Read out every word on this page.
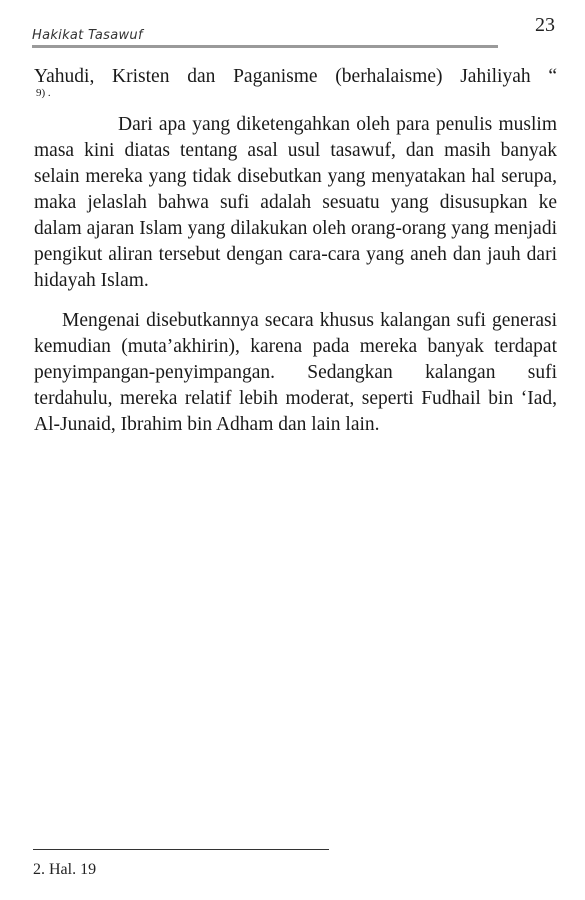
Hakikat Tasawuf	23

Yahudi, Kristen dan Paganisme (berhalaisme) Jahiliyah “

9) .

Dari apa yang diketengahkan oleh para penulis muslim masa kini diatas tentang asal usul tasawuf, dan masih banyak selain mereka yang tidak disebutkan yang menyatakan hal serupa, maka jelaslah bahwa sufi adalah sesuatu yang disusupkan ke dalam ajaran Islam yang dilakukan oleh orang-orang yang menjadi pengikut aliran tersebut dengan cara-cara yang aneh dan jauh dari hidayah Islam.

Mengenai disebutkannya secara khusus kalangan sufi generasi kemudian (muta’akhirin), karena pada mereka banyak terdapat penyimpangan-penyimpangan. Sedangkan kalangan sufi terdahulu, mereka relatif lebih moderat, seperti Fudhail bin ‘Iad, Al-Junaid, Ibrahim bin Adham dan lain lain.

2. Hal. 19
